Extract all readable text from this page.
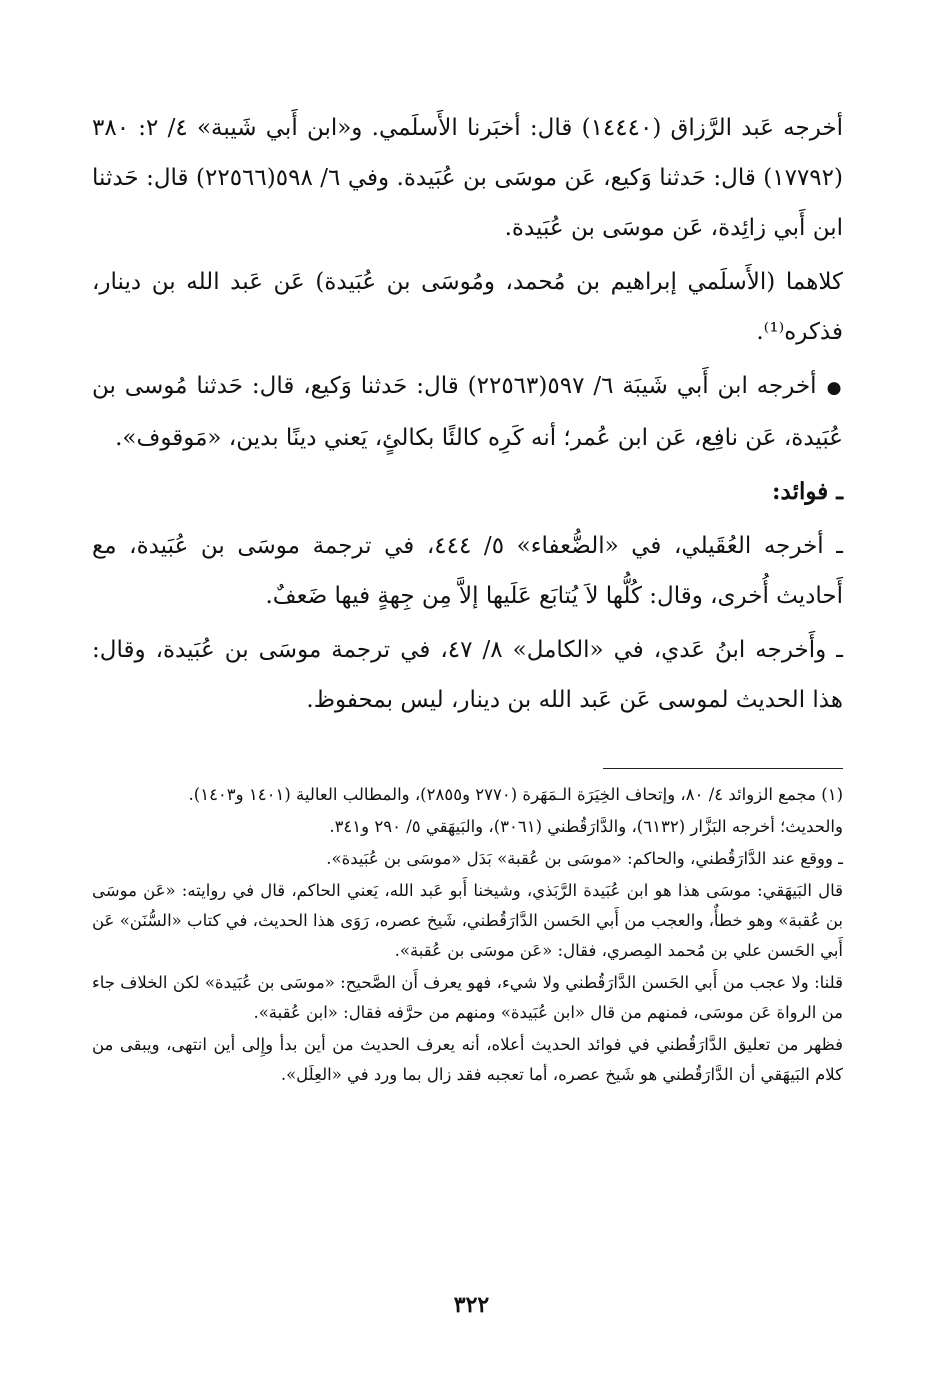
أخرجه عَبد الرَّزاق (١٤٤٤٠) قال: أخبَرنا الأَسلَمي. و«ابن أَبي شَيبة» ٤/ ٢: ٣٨٠ (١٧٧٩٢) قال: حَدثنا وَكيع، عَن موسَى بن عُبَيدة. وفي ٦/ ٥٩٨(٢٢٥٦٦) قال: حَدثنا ابن أَبي زائِدة، عَن موسَى بن عُبَيدة.

كلاهما (الأَسلَمي إبراهيم بن مُحمد، ومُوسَى بن عُبَيدة) عَن عَبد الله بن دينار، فذكره⁽¹⁾.

● أخرجه ابن أَبي شَيبَة ٦/ ٥٩٧(٢٢٥٦٣) قال: حَدثنا وَكيع، قال: حَدثنا مُوسى بن عُبَيدة، عَن نافِع، عَن ابن عُمر؛ أنه كَرِه كالئًا بكالئٍ، يَعني دينًا بدين، «مَوقوف».

ـ فوائد:

ـ أخرجه العُقَيلي، في «الضُّعفاء» ٥/ ٤٤٤، في ترجمة موسَى بن عُبَيدة، مع أَحاديث أُخرى، وقال: كُلُّها لاَ يُتابَع عَلَيها إلاَّ مِن جِهةٍ فيها ضَعفٌ.

ـ وأَخرجه ابنُ عَدي، في «الكامل» ٨/ ٤٧، في ترجمة موسَى بن عُبَيدة، وقال: هذا الحديث لموسى عَن عَبد الله بن دينار، ليس بمحفوظ.

(١) مجمع الزوائد ٤/ ٨٠، وإتحاف الخِيَرَة الـمَهَرة (٢٧٧٠ و٢٨٥٥)، والمطالب العالية (١٤٠١ و١٤٠٣).

والحديث؛ أخرجه البَزَّار (٦١٣٢)، والدَّارَقُطني (٣٠٦١)، والبَيهَقي ٥/ ٢٩٠ و٣٤١.

ـ ووقع عند الدَّارَقُطني، والحاكم: «موسَى بن عُقبة» بَدَل «موسَى بن عُبَيدة».

قال البَيهَقي: موسَى هذا هو ابن عُبَيدة الرَّبَذي، وشيخنا أَبو عَبد الله، يَعني الحاكم، قال في روايته: «عَن موسَى بن عُقبة» وهو خطأٌ، والعجب من أَبي الحَسن الدَّارَقُطني، شَيخ عصره، رَوَى هذا الحديث، في كتاب «السُّنَن» عَن أَبي الحَسن علي بن مُحمد المِصري، فقال: «عَن موسَى بن عُقبة».

قلنا: ولا عجب من أَبي الحَسن الدَّارَقُطني ولا شيء، فهو يعرف أَن الصَّحيح: «موسَى بن عُبَيدة» لكن الخلاف جاء من الرواة عَن موسَى، فمنهم من قال «ابن عُبَيدة» ومنهم من حرَّفه فقال: «ابن عُقبة».

فظهر من تعليق الدَّارَقُطني في فوائد الحديث أعلاه، أنه يعرف الحديث من أين بدأ وإِلى أين انتهى، ويبقى من كلام البَيهَقي أن الدَّارَقُطني هو شَيخ عصره، أما تعجبه فقد زال بما ورد في «العِلَل».

٣٢٢
